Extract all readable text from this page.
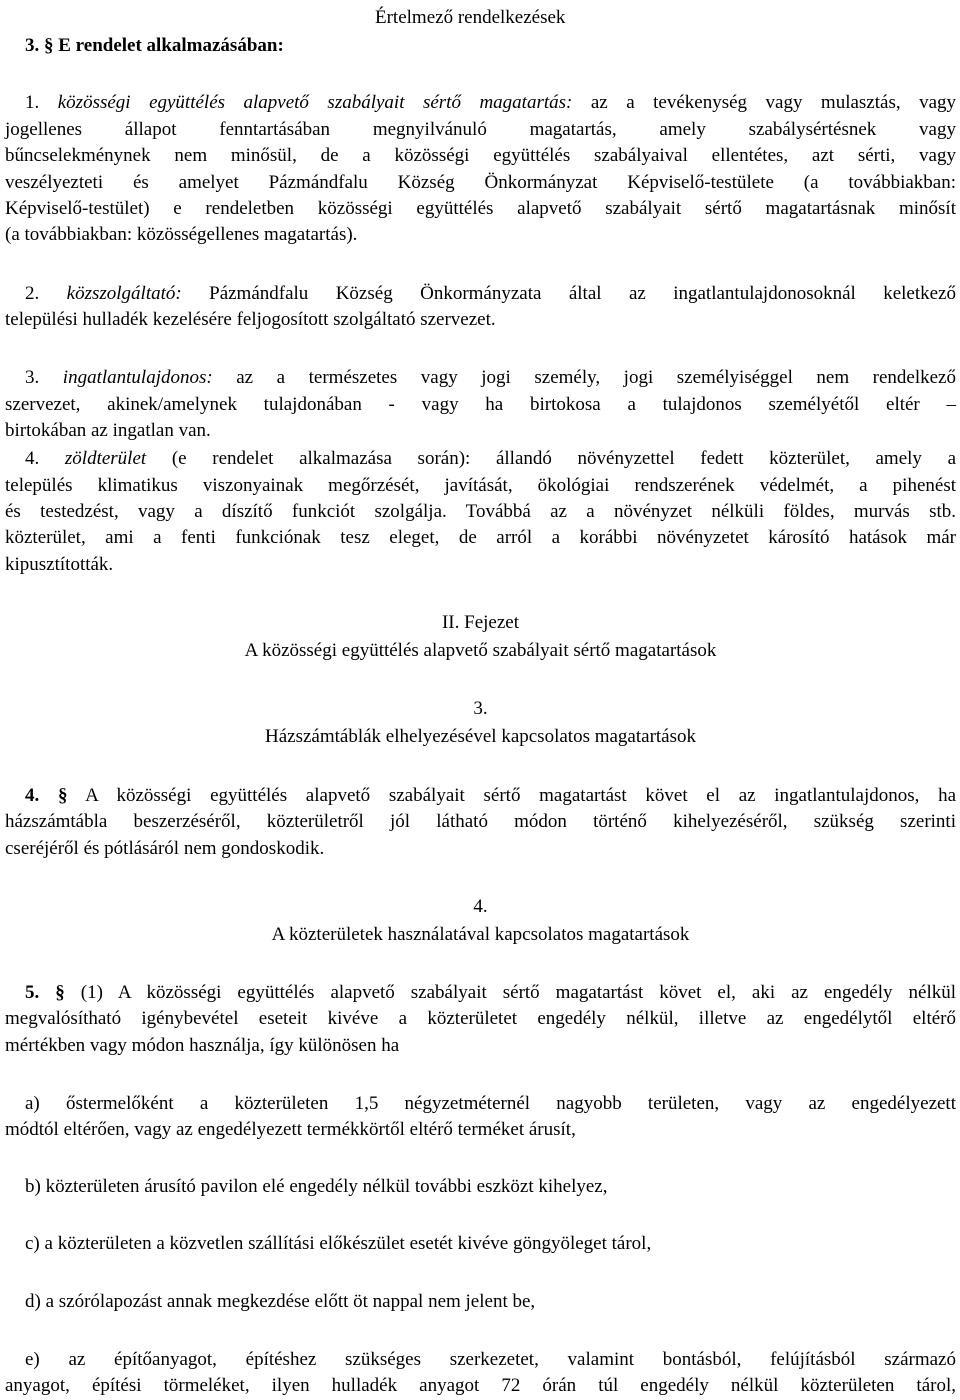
3. § E rendelet alkalmazásában:
Értelmező rendelkezések
1. közösségi együttélés alapvető szabályait sértő magatartás: az a tevékenység vagy mulasztás, vagy
jogellenes állapot fenntartásában megnyilvánuló magatartás, amely szabálysértésnek vagy
bűncselekménynek nem minősül, de a közösségi együttélés szabályaival ellentétes, azt sérti, vagy
veszélyezteti és amelyet Pázmándfalu Község Önkormányzat Képviselő-testülete (a továbbiakban:
Képviselő-testület) e rendeletben közösségi együttélés alapvető szabályait sértő magatartásnak minősít
(a továbbiakban: közösségellenes magatartás).
2. közszolgáltató: Pázmándfalu Község Önkormányzata által az ingatlantulajdonosoknál keletkező
települési hulladék kezelésére feljogosított szolgáltató szervezet.
3. ingatlantulajdonos: az a természetes vagy jogi személy, jogi személyiséggel nem rendelkező
szervezet, akinek/amelynek tulajdonában - vagy ha birtokosa a tulajdonos személyétől eltér –
birtokában az ingatlan van.
4. zöldterület (e rendelet alkalmazása során): állandó növényzettel fedett közterület, amely a
település klimatikus viszonyainak megőrzését, javítását, ökológiai rendszerének védelmét, a pihenést
és testedzést, vagy a díszítő funkciót szolgálja. Továbbá az a növényzet nélküli földes, murvás stb.
közterület, ami a fenti funkciónak tesz eleget, de arról a korábbi növényzetet károsító hatások már
kipusztították.
II. Fejezet
A közösségi együttélés alapvető szabályait sértő magatartások
3.
Házszámtáblák elhelyezésével kapcsolatos magatartások
4. § A közösségi együttélés alapvető szabályait sértő magatartást követ el az ingatlantulajdonos, ha
házszámtábla beszerzéséről, közterületről jól látható módon történő kihelyezéséről, szükség szerinti
cseréjéről és pótlásáról nem gondoskodik.
4.
A közterületek használatával kapcsolatos magatartások
5. § (1) A közösségi együttélés alapvető szabályait sértő magatartást követ el, aki az engedély nélkül
megvalósítható igénybevétel eseteit kivéve a közterületet engedély nélkül, illetve az engedélytől eltérő
mértékben vagy módon használja, így különösen ha
a) őstermelőként a közterületen 1,5 négyzetméternél nagyobb területen, vagy az engedélyezett
módtól eltérően, vagy az engedélyezett termékkörtől eltérő terméket árusít,
b) közterületen árusító pavilon elé engedély nélkül további eszközt kihelyez,
c) a közterületen a közvetlen szállítási előkészület esetét kivéve göngyöleget tárol,
d) a szórólapozást annak megkezdése előtt öt nappal nem jelent be,
e) az építőanyagot, építéshez szükséges szerkezetet, valamint bontásból, felújításból származó
anyagot, építési törmeléket, ilyen hulladék anyagot 72 órán túl engedély nélkül közterületen tárol,
